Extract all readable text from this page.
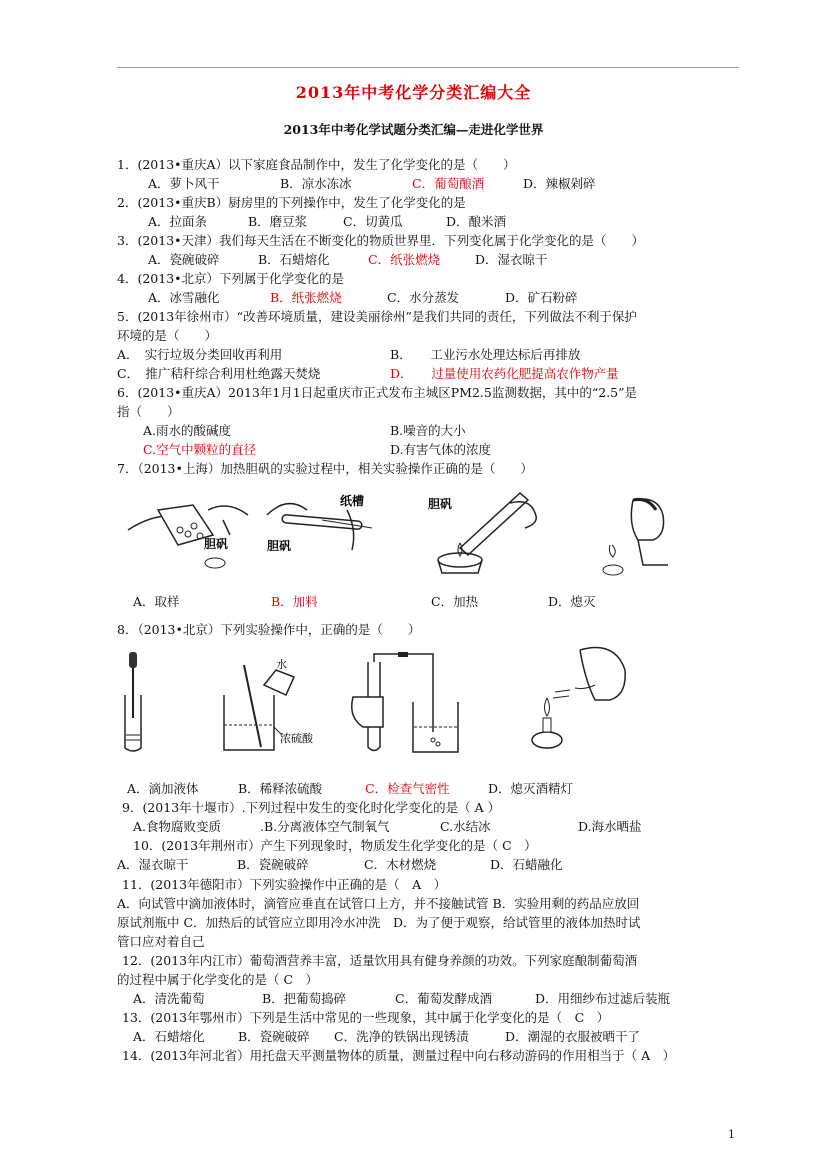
2013年中考化学分类汇编大全
2013年中考化学试题分类汇编—走进化学世界
1．(2013•重庆A）以下家庭食品制作中，发生了化学变化的是（　　）
A．萝卜风干	B．凉水冻冰	C．葡萄酿酒	D．辣椒剁碎
2．(2013•重庆B）厨房里的下列操作中，发生了化学变化的是
A．拉面条	B．磨豆浆	C．切黄瓜	D．酿米酒
3．(2013•天津）我们每天生活在不断变化的物质世界里．下列变化属于化学变化的是（　　）
A．瓷碗破碎	B．石蜡熔化	C．纸张燃烧	D．湿衣晾干
4．(2013•北京）下列属于化学变化的是
A．冰雪融化	B．纸张燃烧	C．水分蒸发	D．矿石粉碎
5．(2013年徐州市）“改善环境质量，建设美丽徐州”是我们共同的责任，下列做法不利于保护
环境的是（　　）
A．　实行垃圾分类回收再利用	B．　　工业污水处理达标后再排放
C．　推广秸秆综合利用杜绝露天焚烧	D．　　过量使用农药化肥提高农作物产量
6．(2013•重庆A）2013年1月1日起重庆市正式发布主城区PM2.5监测数据，其中的“2.5”是
指（　　）
A.雨水的酸碱度	B.噪音的大小
C.空气中颗粒的直径	D.有害气体的浓度
7．（2013•上海）加热胆矾的实验过程中，相关实验操作正确的是（　　）
胆矾
纸槽
胆矾
胆矾
A．取样	B．加料	C．加热	D．熄灭
8．（2013•北京）下列实验操作中，正确的是（　　）
水
浓硫酸
A．滴加液体	B．稀释浓硫酸	C．检查气密性	D．熄灭酒精灯
9．(2013年十堰市）.下列过程中发生的变化时化学变化的是（ A ）
A.食物腐败变质	.B.分离液体空气制氧气	C.水结冰	D.海水晒盐
10．(2013年荆州市）产生下列现象时，物质发生化学变化的是（ C　）
A．湿衣晾干	B．瓷碗破碎	C．木材燃烧	D．石蜡融化
11．(2013年德阳市）下列实验操作中正确的是（　A　）
A．向试管中滴加液体时，滴管应垂直在试管口上方，并不接触试管 B．实验用剩的药品应放回
原试剂瓶中 C．加热后的试管应立即用冷水冲洗　D．为了便于观察，给试管里的液体加热时试
管口应对着自己
12．(2013年内江市）葡萄酒营养丰富，适量饮用具有健身养颜的功效。下列家庭酿制葡萄酒
的过程中属于化学变化的是（ C　）
A．清洗葡萄	B．把葡萄捣碎	C．葡萄发酵成酒	D．用细纱布过滤后装瓶
13．(2013年鄂州市）下列是生活中常见的一些现象，其中属于化学变化的是（　C　）
A．石蜡熔化	B．瓷碗破碎 C．洗净的铁锅出现锈渍	D．潮湿的衣服被晒干了
14．(2013年河北省）用托盘天平测量物体的质量，测量过程中向右移动游码的作用相当于（ A　）
1
